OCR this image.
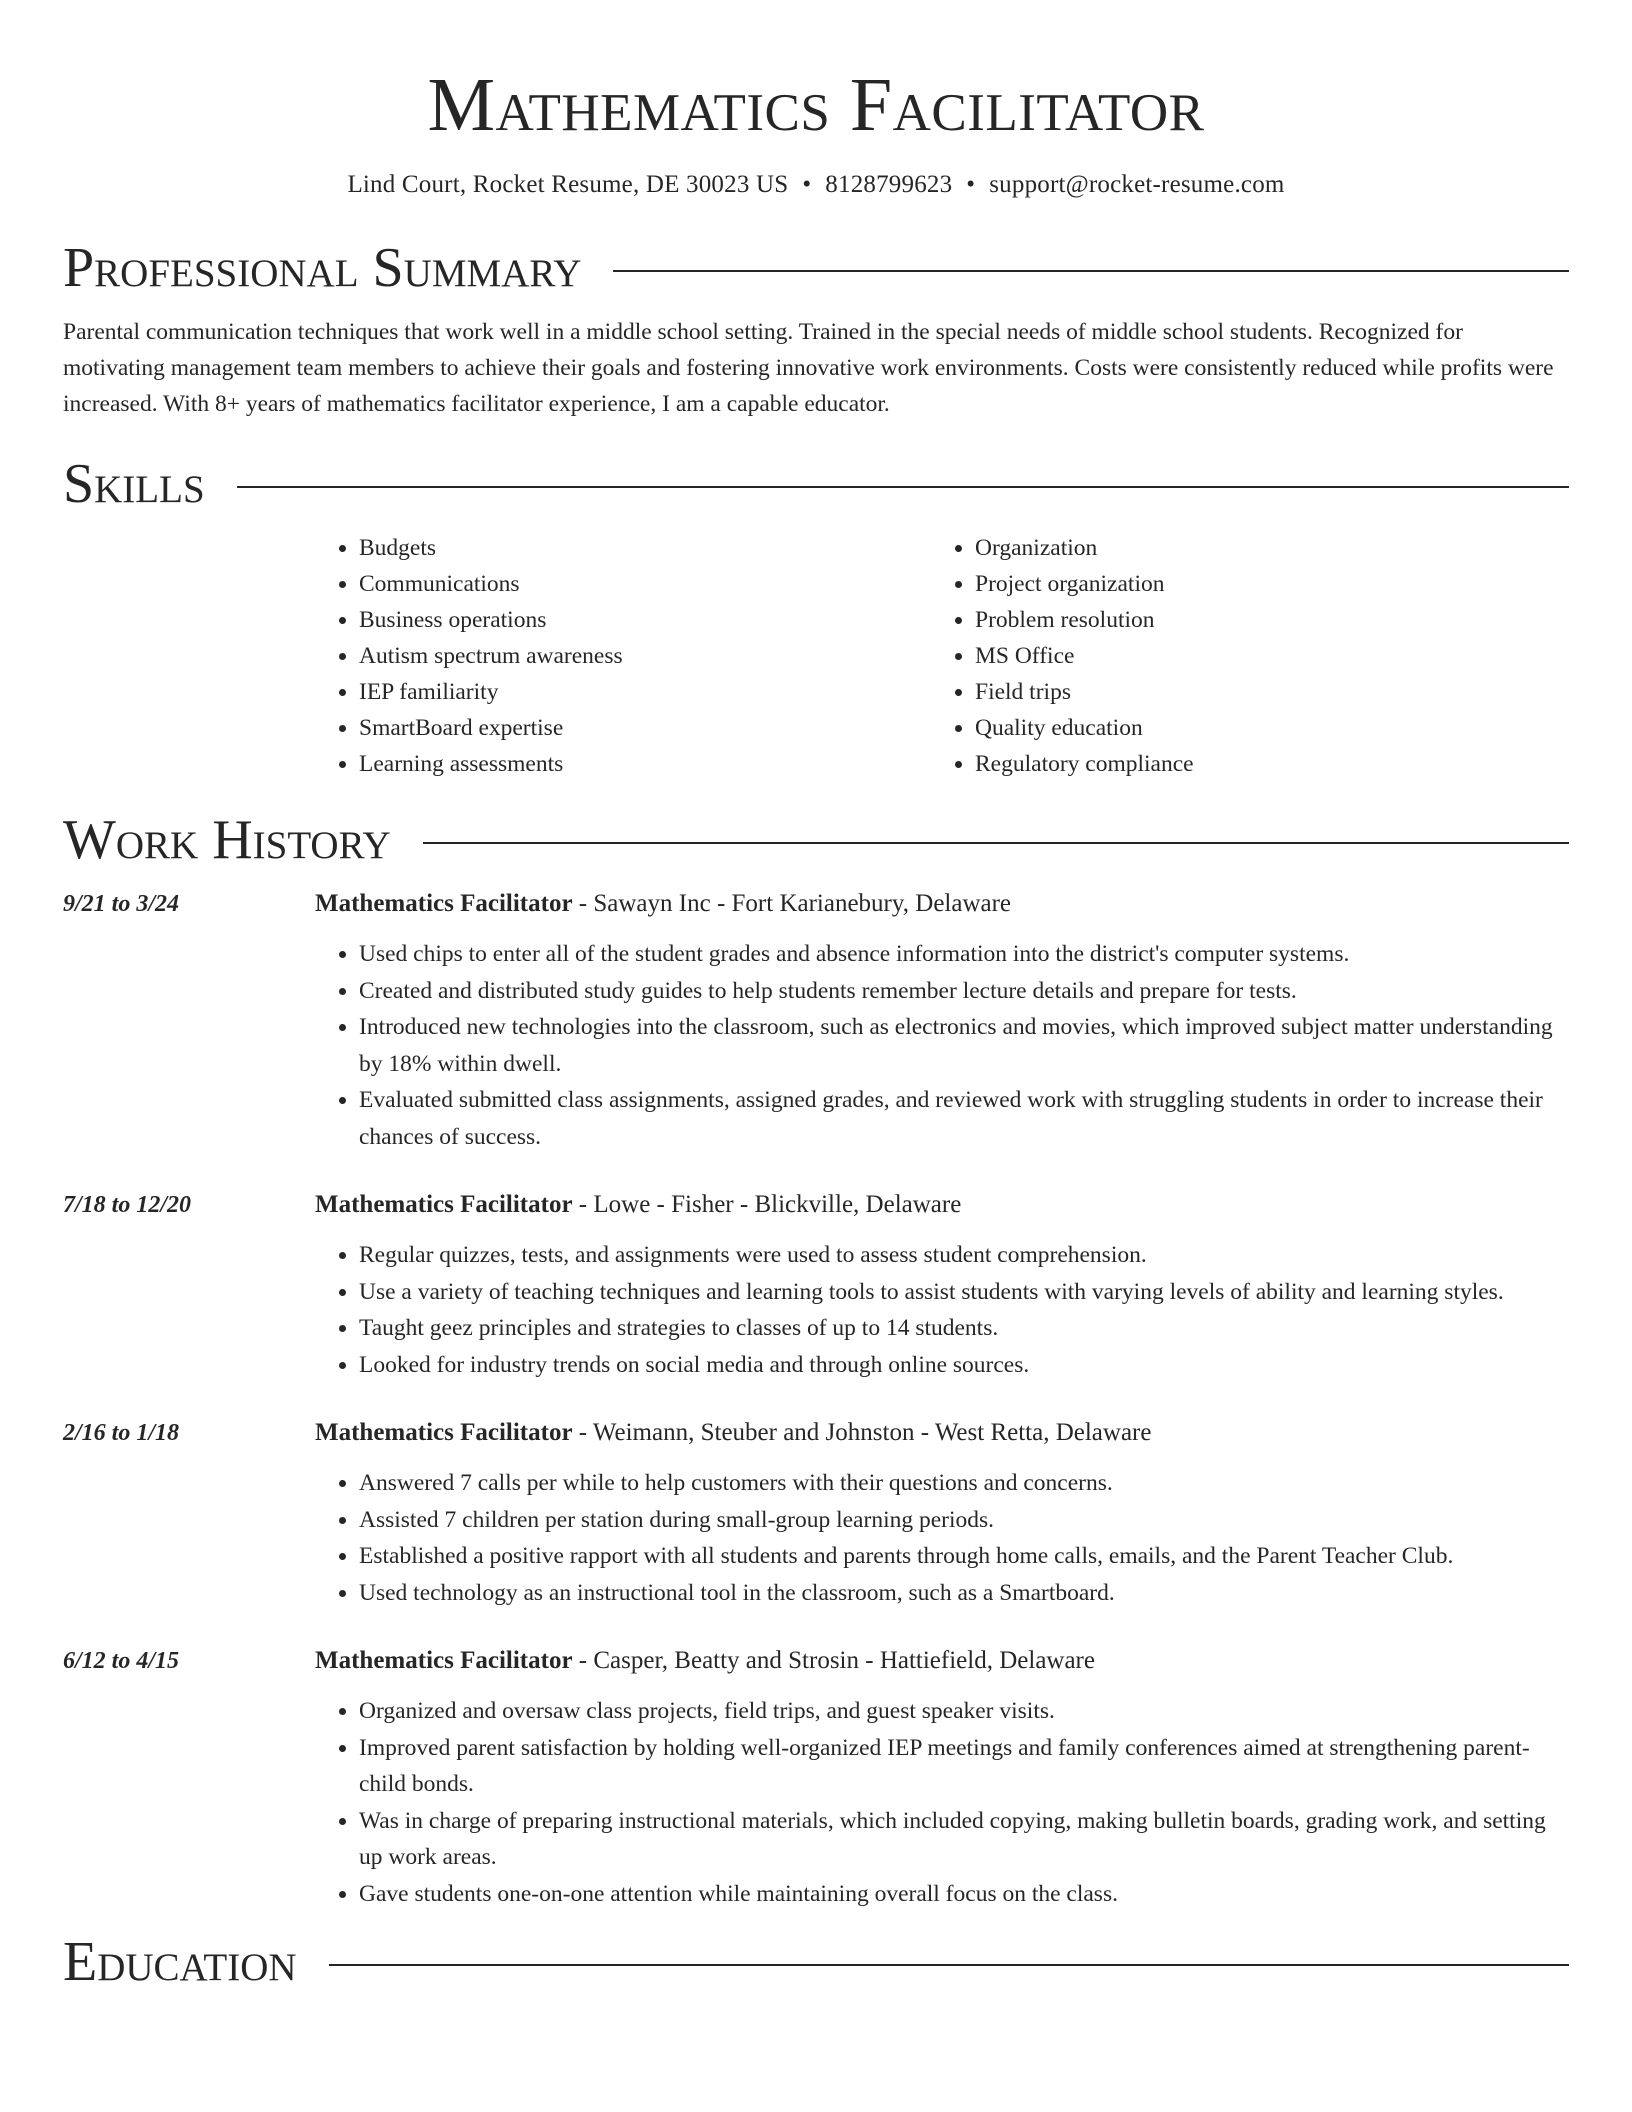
Mathematics Facilitator
Lind Court, Rocket Resume, DE 30023 US • 8128799623 • support@rocket-resume.com
Professional Summary

Parental communication techniques that work well in a middle school setting. Trained in the special needs of middle school students. Recognized for motivating management team members to achieve their goals and fostering innovative work environments. Costs were consistently reduced while profits were increased. With 8+ years of mathematics facilitator experience, I am a capable educator.

Skills
• Budgets
• Communications
• Business operations
• Autism spectrum awareness
• IEP familiarity
• SmartBoard expertise
• Learning assessments
• Organization
• Project organization
• Problem resolution
• MS Office
• Field trips
• Quality education
• Regulatory compliance
Work History
9/21 to 3/24	Mathematics Facilitator - Sawayn Inc - Fort Karianebury, Delaware
• Used chips to enter all of the student grades and absence information into the district's computer systems.
• Created and distributed study guides to help students remember lecture details and prepare for tests.
• Introduced new technologies into the classroom, such as electronics and movies, which improved subject matter understanding by 18% within dwell.
• Evaluated submitted class assignments, assigned grades, and reviewed work with struggling students in order to increase their chances of success.
7/18 to 12/20	Mathematics Facilitator - Lowe - Fisher - Blickville, Delaware
• Regular quizzes, tests, and assignments were used to assess student comprehension.
• Use a variety of teaching techniques and learning tools to assist students with varying levels of ability and learning styles.
• Taught geez principles and strategies to classes of up to 14 students.
• Looked for industry trends on social media and through online sources.
2/16 to 1/18	Mathematics Facilitator - Weimann, Steuber and Johnston - West Retta, Delaware
• Answered 7 calls per while to help customers with their questions and concerns.
• Assisted 7 children per station during small-group learning periods.
• Established a positive rapport with all students and parents through home calls, emails, and the Parent Teacher Club.
• Used technology as an instructional tool in the classroom, such as a Smartboard.
6/12 to 4/15	Mathematics Facilitator - Casper, Beatty and Strosin - Hattiefield, Delaware
• Organized and oversaw class projects, field trips, and guest speaker visits.
• Improved parent satisfaction by holding well-organized IEP meetings and family conferences aimed at strengthening parent-child bonds.
• Was in charge of preparing instructional materials, which included copying, making bulletin boards, grading work, and setting up work areas.
• Gave students one-on-one attention while maintaining overall focus on the class.
Education
